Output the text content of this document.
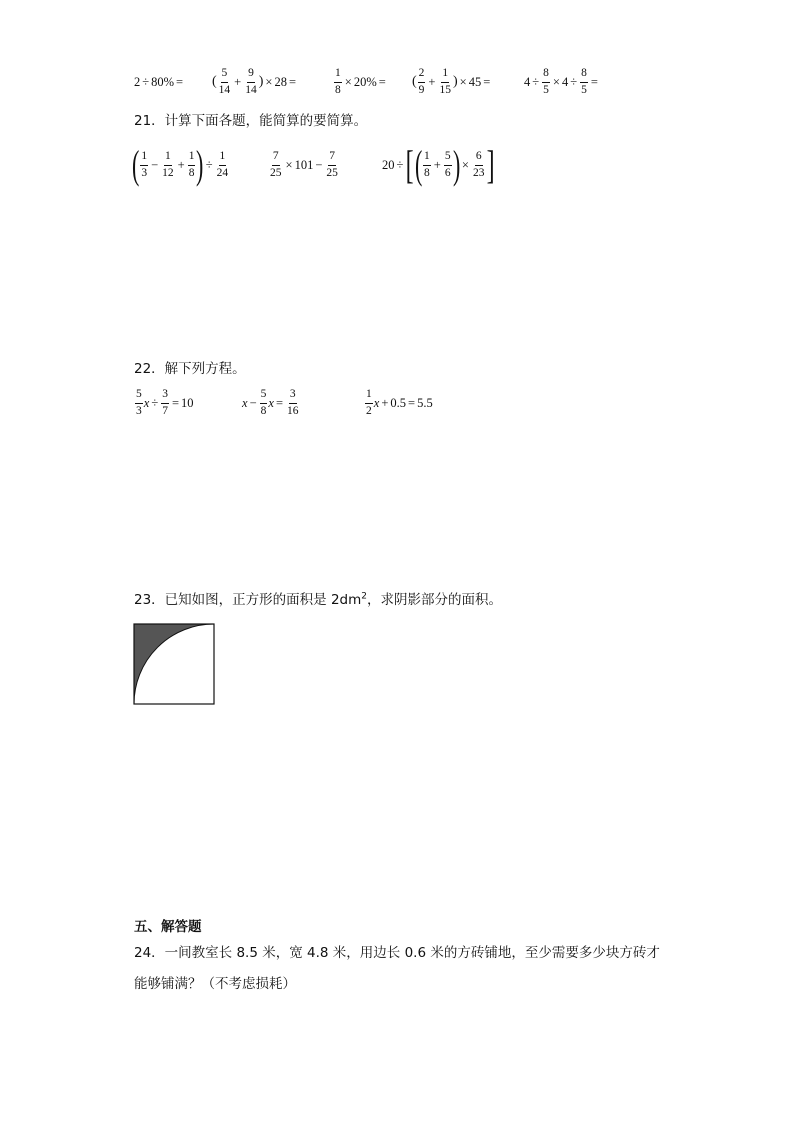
2 ÷ 80% = ( $\frac{5}{14} + \frac{9}{14}$ ) × 28 =	$\frac{1}{8} \times 20\%$ = ( $\frac{2}{9} + \frac{1}{15}$ ) × 45 =	$4 \div \frac{8}{5} \times 4 \div \frac{8}{5}$ =
21．计算下面各题，能简算的要简算。
( $\frac{1}{3} - \frac{1}{12} + \frac{1}{8}$ ) ÷ $\frac{1}{24}$	$\frac{7}{25} \times 101 - \frac{7}{25}$	20 ÷ [ ( $\frac{1}{8} + \frac{5}{6}$ ) × $\frac{6}{23}$ ]
22．解下列方程。
$\frac{5}{3}$ $x \div \frac{3}{7} = 10$	$x - \frac{5}{8}$ $x = \frac{3}{16}$	$\frac{1}{2}$ x + 0.5 = 5.5
23．已知如图，正方形的面积是 $2dm^2$，求阴影部分的面积。
五、解答题
24．一间教室长 8.5 米，宽 4.8 米，用边长 0.6 米的方砖铺地，至少需要多少块方砖才
能够铺满？（不考虑损耗）
